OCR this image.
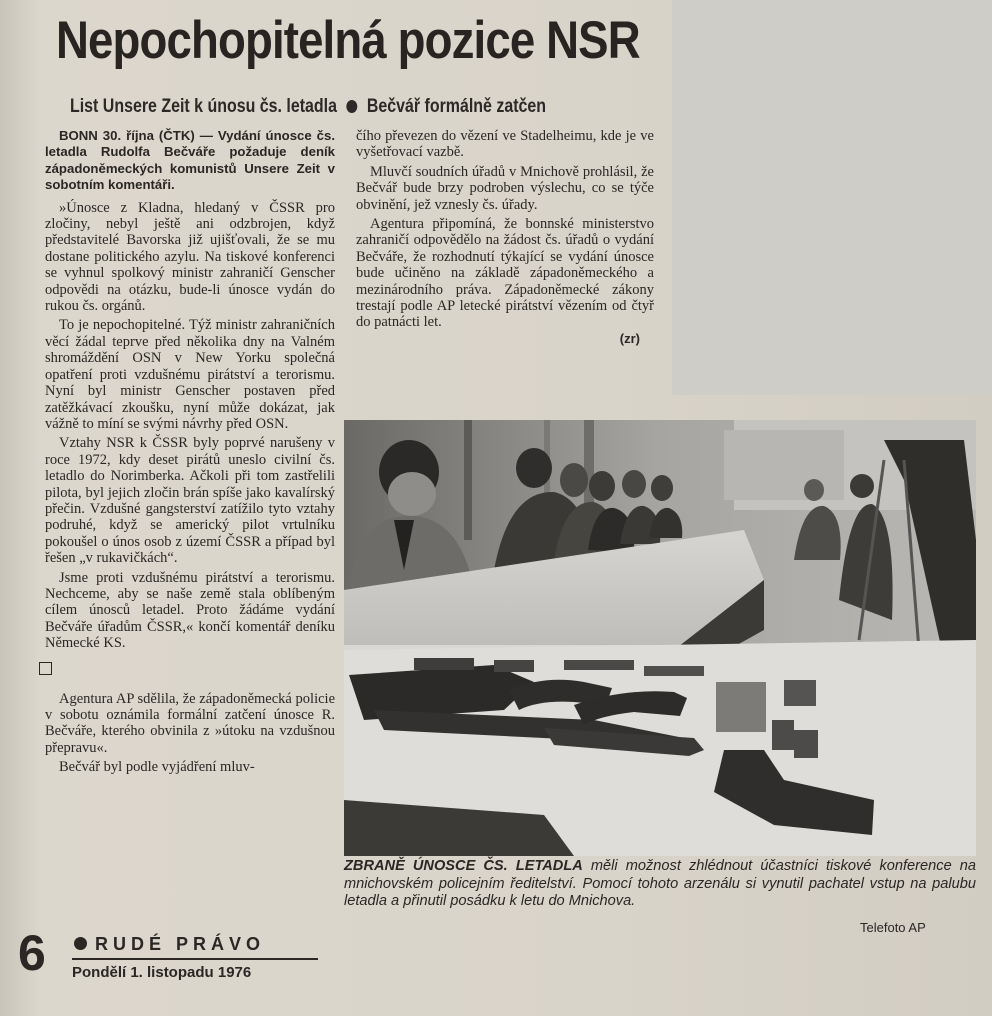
Nepochopitelná pozice NSR
List Unsere Zeit k únosu čs. letadla Bečvář formálně zatčen

BONN 30. října (ČTK) — Vydání únosce čs. letadla Rudolfa Bečváře požaduje deník západoněmeckých komunistů Unsere Zeit v sobotním komentáři.

»Únosce z Kladna, hledaný v ČSSR pro zločiny, nebyl ještě ani odzbrojen, když představitelé Bavorska již ujišťovali, že se mu dostane politického azylu. Na tiskové konferenci se vyhnul spolkový ministr zahraničí Genscher odpovědi na otázku, bude-li únosce vydán do rukou čs. orgánů.

To je nepochopitelné. Týž ministr zahraničních věcí žádal teprve před několika dny na Valném shromáždění OSN v New Yorku společná opatření proti vzdušnému pirátství a terorismu. Nyní byl ministr Genscher postaven před zatěžkávací zkoušku, nyní může dokázat, jak vážně to míní se svými návrhy před OSN.

Vztahy NSR k ČSSR byly poprvé narušeny v roce 1972, kdy deset pirátů uneslo civilní čs. letadlo do Norimberka. Ačkoli při tom zastřelili pilota, byl jejich zločin brán spíše jako kavalírský přečin. Vzdušné gangsterství zatížilo tyto vztahy podruhé, když se americký pilot vrtulníku pokoušel o únos osob z území ČSSR a případ byl řešen „v rukavičkách“.

Jsme proti vzdušnému pirátství a terorismu. Nechceme, aby se naše země stala oblíbeným cílem únosců letadel. Proto žádáme vydání Bečváře úřadům ČSSR,« končí komentář deníku Německé KS.

Agentura AP sdělila, že západoněmecká policie v sobotu oznámila formální zatčení únosce R. Bečváře, kterého obvinila z »útoku na vzdušnou přepravu«.

Bečvář byl podle vyjádření mluv-

čího převezen do vězení ve Stadelheimu, kde je ve vyšetřovací vazbě.

Mluvčí soudních úřadů v Mnichově prohlásil, že Bečvář bude brzy podroben výslechu, co se týče obvinění, jež vznesly čs. úřady.

Agentura připomíná, že bonnské ministerstvo zahraničí odpovědělo na žádost čs. úřadů o vydání Bečváře, že rozhodnutí týkající se vydání únosce bude učiněno na základě západoněmeckého a mezinárodního práva. Západoněmecké zákony trestají podle AP letecké pirátství vězením od čtyř do patnácti let.

(zr)
ZBRANĚ ÚNOSCE ČS. LETADLA měli možnost zhlédnout účastníci tiskové konference na mnichovském policejním ředitelství. Pomocí tohoto arzenálu si vynutil pachatel vstup na palubu letadla a přinutil posádku k letu do Mnichova.
Telefoto AP
6	RUDÉ PRÁVO
Pondělí 1. listopadu 1976
